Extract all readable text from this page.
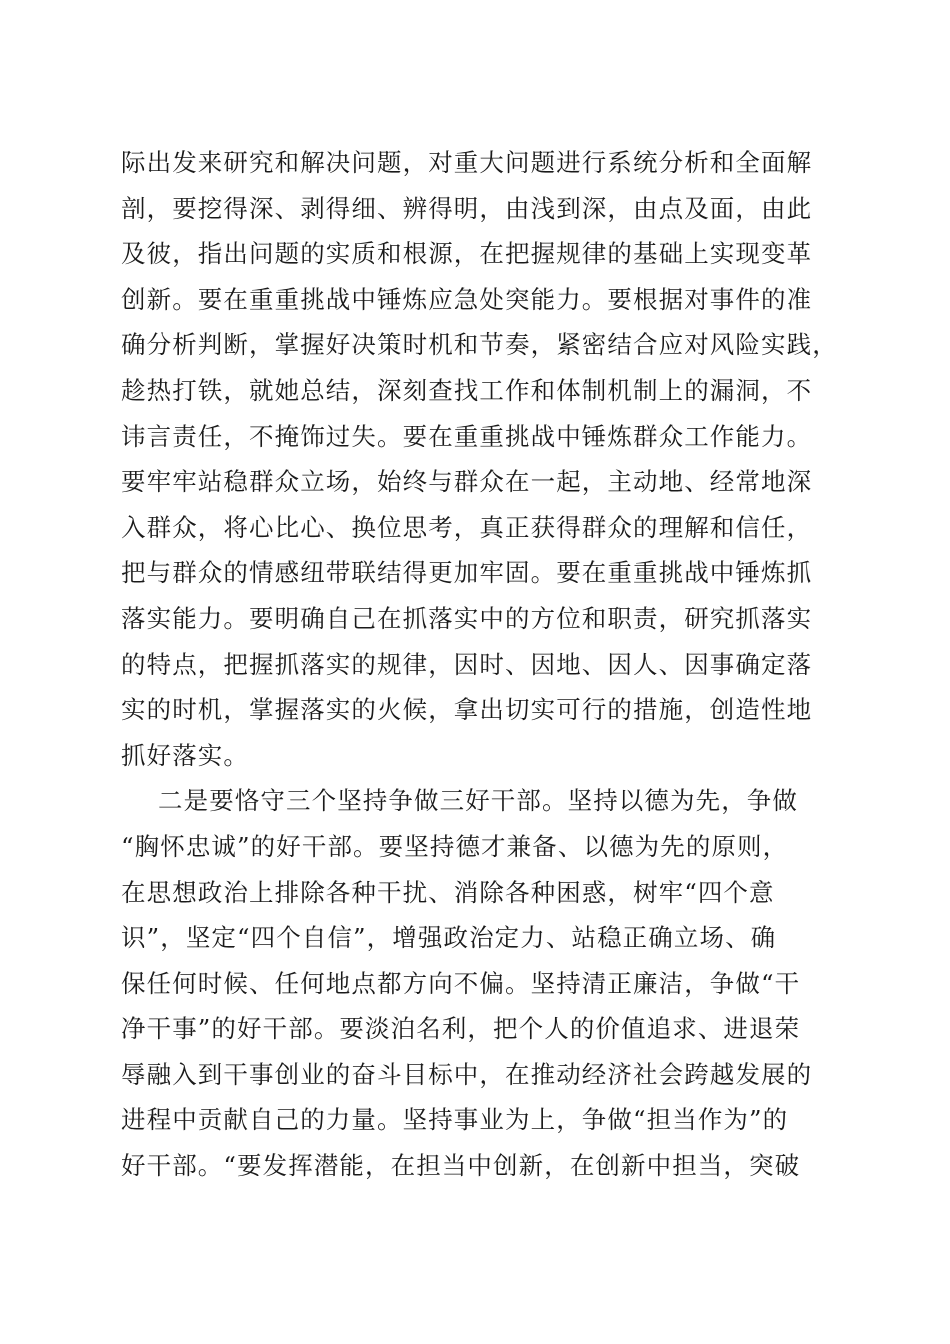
际出发来研究和解决问题，对重大问题进行系统分析和全面解
剖，要挖得深、剥得细、辨得明，由浅到深，由点及面，由此
及彼，指出问题的实质和根源，在把握规律的基础上实现变革
创新。要在重重挑战中锤炼应急处突能力。要根据对事件的准
确分析判断，掌握好决策时机和节奏，紧密结合应对风险实践，
趁热打铁，就她总结，深刻查找工作和体制机制上的漏洞，不
讳言责任，不掩饰过失。要在重重挑战中锤炼群众工作能力。
要牢牢站稳群众立场，始终与群众在一起，主动地、经常地深
入群众，将心比心、换位思考，真正获得群众的理解和信任，
把与群众的情感纽带联结得更加牢固。要在重重挑战中锤炼抓
落实能力。要明确自己在抓落实中的方位和职责，研究抓落实
的特点，把握抓落实的规律，因时、因地、因人、因事确定落
实的时机，掌握落实的火候，拿出切实可行的措施，创造性地
抓好落实。
二是要恪守三个坚持争做三好干部。坚持以德为先，争做
“胸怀忠诚”的好干部。要坚持德才兼备、以德为先的原则，
在思想政治上排除各种干扰、消除各种困惑，树牢“四个意
识”，坚定“四个自信”，增强政治定力、站稳正确立场、确
保任何时候、任何地点都方向不偏。坚持清正廉洁，争做“干
净干事”的好干部。要淡泊名利，把个人的价值追求、进退荣
辱融入到干事创业的奋斗目标中，在推动经济社会跨越发展的
进程中贡献自己的力量。坚持事业为上，争做“担当作为”的
好干部。“要发挥潜能，在担当中创新，在创新中担当，突破
